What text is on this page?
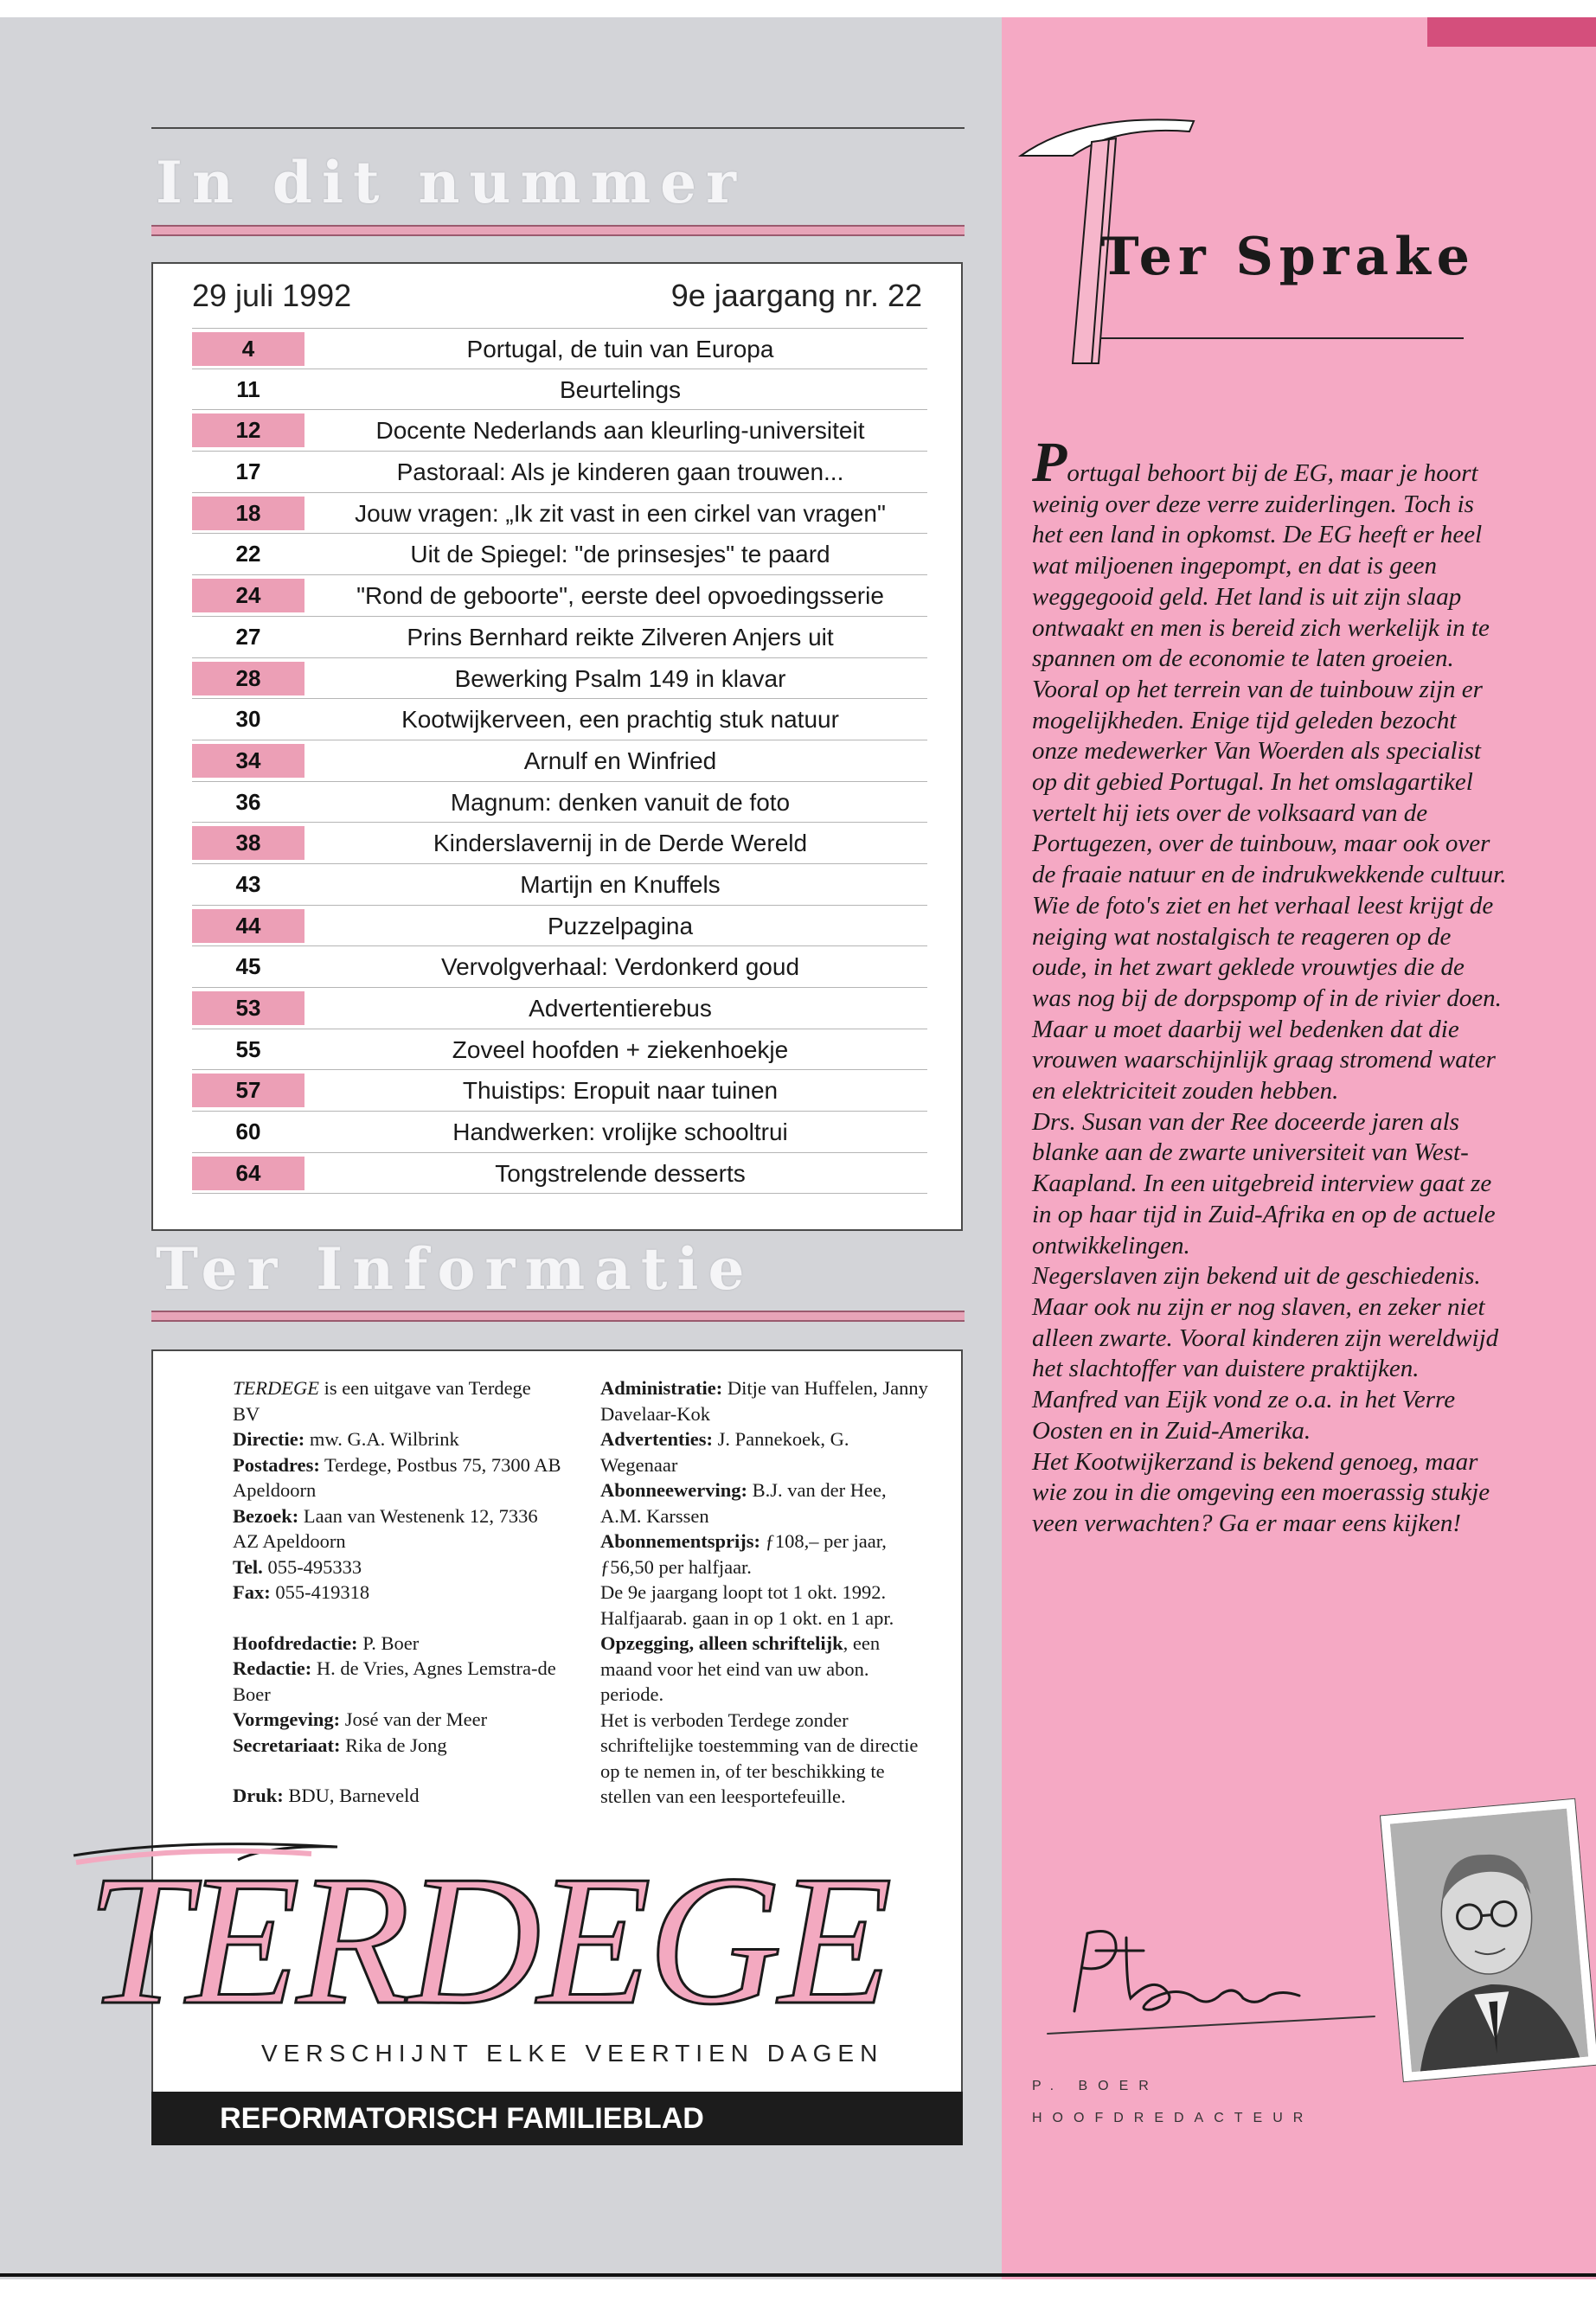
In dit nummer
29 juli 1992	9e jaargang nr. 22
4	Portugal, de tuin van Europa
11	Beurtelings
12	Docente Nederlands aan kleurling-universiteit
17	Pastoraal: Als je kinderen gaan trouwen...
18	Jouw vragen: „Ik zit vast in een cirkel van vragen"
22	Uit de Spiegel: "de prinsesjes" te paard
24	"Rond de geboorte", eerste deel opvoedingsserie
27	Prins Bernhard reikte Zilveren Anjers uit
28	Bewerking Psalm 149 in klavar
30	Kootwijkerveen, een prachtig stuk natuur
34	Arnulf en Winfried
36	Magnum: denken vanuit de foto
38	Kinderslavernij in de Derde Wereld
43	Martijn en Knuffels
44	Puzzelpagina
45	Vervolgverhaal: Verdonkerd goud
53	Advertentierebus
55	Zoveel hoofden + ziekenhoekje
57	Thuistips: Eropuit naar tuinen
60	Handwerken: vrolijke schooltrui
64	Tongstrelende desserts
Ter Informatie

TERDEGE is een uitgave van Terdege BV

Directie: mw. G.A. Wilbrink

Postadres: Terdege, Postbus 75, 7300 AB Apeldoorn

Bezoek: Laan van Westenenk 12, 7336 AZ Apeldoorn

Tel. 055-495333

Fax: 055-419318

Hoofdredactie: P. Boer

Redactie: H. de Vries, Agnes Lemstra-de Boer

Vormgeving: José van der Meer

Secretariaat: Rika de Jong

Druk: BDU, Barneveld

Administratie: Ditje van Huffelen, Janny Davelaar-Kok

Advertenties: J. Pannekoek, G. Wegenaar

Abonneewerving: B.J. van der Hee, A.M. Karssen

Abonnementsprijs: ƒ108,– per jaar, ƒ56,50 per halfjaar.

De 9e jaargang loopt tot 1 okt. 1992. Halfjaarab. gaan in op 1 okt. en 1 apr. Opzegging, alleen schriftelijk, een maand voor het eind van uw abon. periode.

Het is verboden Terdege zonder schriftelijke toestemming van de directie op te nemen in, of ter beschikking te stellen van een leesportefeuille.

TERDEGE
VERSCHIJNT ELKE VEERTIEN DAGEN
REFORMATORISCH FAMILIEBLAD
Ter Sprake

Portugal behoort bij de EG, maar je hoort weinig over deze verre zuiderlingen. Toch is het een land in opkomst. De EG heeft er heel wat miljoenen ingepompt, en dat is geen weggegooid geld. Het land is uit zijn slaap ontwaakt en men is bereid zich werkelijk in te spannen om de economie te laten groeien. Vooral op het terrein van de tuinbouw zijn er mogelijkheden. Enige tijd geleden bezocht onze medewerker Van Woerden als specialist op dit gebied Portugal. In het omslagartikel vertelt hij iets over de volksaard van de Portugezen, over de tuinbouw, maar ook over de fraaie natuur en de indrukwekkende cultuur.

Wie de foto's ziet en het verhaal leest krijgt de neiging wat nostalgisch te reageren op de oude, in het zwart geklede vrouwtjes die de was nog bij de dorpspomp of in de rivier doen. Maar u moet daarbij wel bedenken dat die vrouwen waarschijnlijk graag stromend water en elektriciteit zouden hebben.

Drs. Susan van der Ree doceerde jaren als blanke aan de zwarte universiteit van West-Kaapland. In een uitgebreid interview gaat ze in op haar tijd in Zuid-Afrika en op de actuele ontwikkelingen.

Negerslaven zijn bekend uit de geschiedenis. Maar ook nu zijn er nog slaven, en zeker niet alleen zwarte. Vooral kinderen zijn wereldwijd het slachtoffer van duistere praktijken. Manfred van Eijk vond ze o.a. in het Verre Oosten en in Zuid-Amerika.

Het Kootwijkerzand is bekend genoeg, maar wie zou in die omgeving een moerassig stukje veen verwachten? Ga er maar eens kijken!

P. BOER
HOOFDREDACTEUR
